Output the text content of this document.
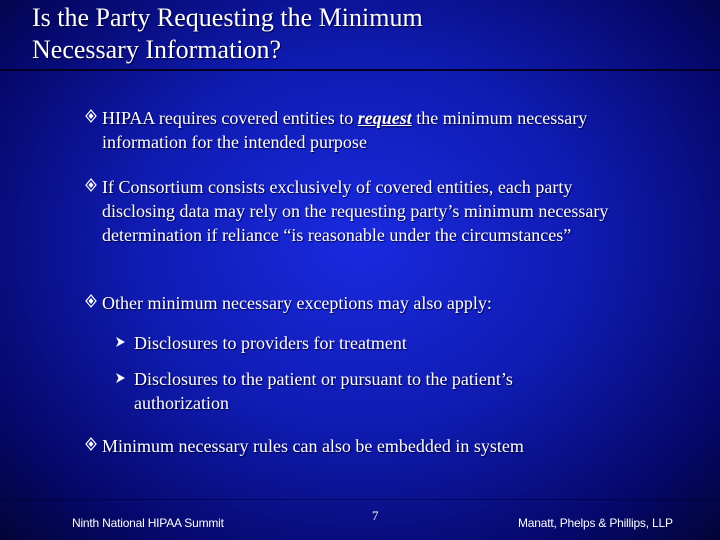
Is the Party Requesting the Minimum
Necessary Information?
HIPAA requires covered entities to request the minimum necessary information for the intended purpose
If Consortium consists exclusively of covered entities, each party disclosing data may rely on the requesting party’s minimum necessary determination if reliance “is reasonable under the circumstances”
Other minimum necessary exceptions may also apply:
Disclosures to providers for treatment
Disclosures to the patient or pursuant to the patient’s authorization
Minimum necessary rules can also be embedded in system
Ninth National HIPAA Summit	7	Manatt, Phelps & Phillips, LLP
